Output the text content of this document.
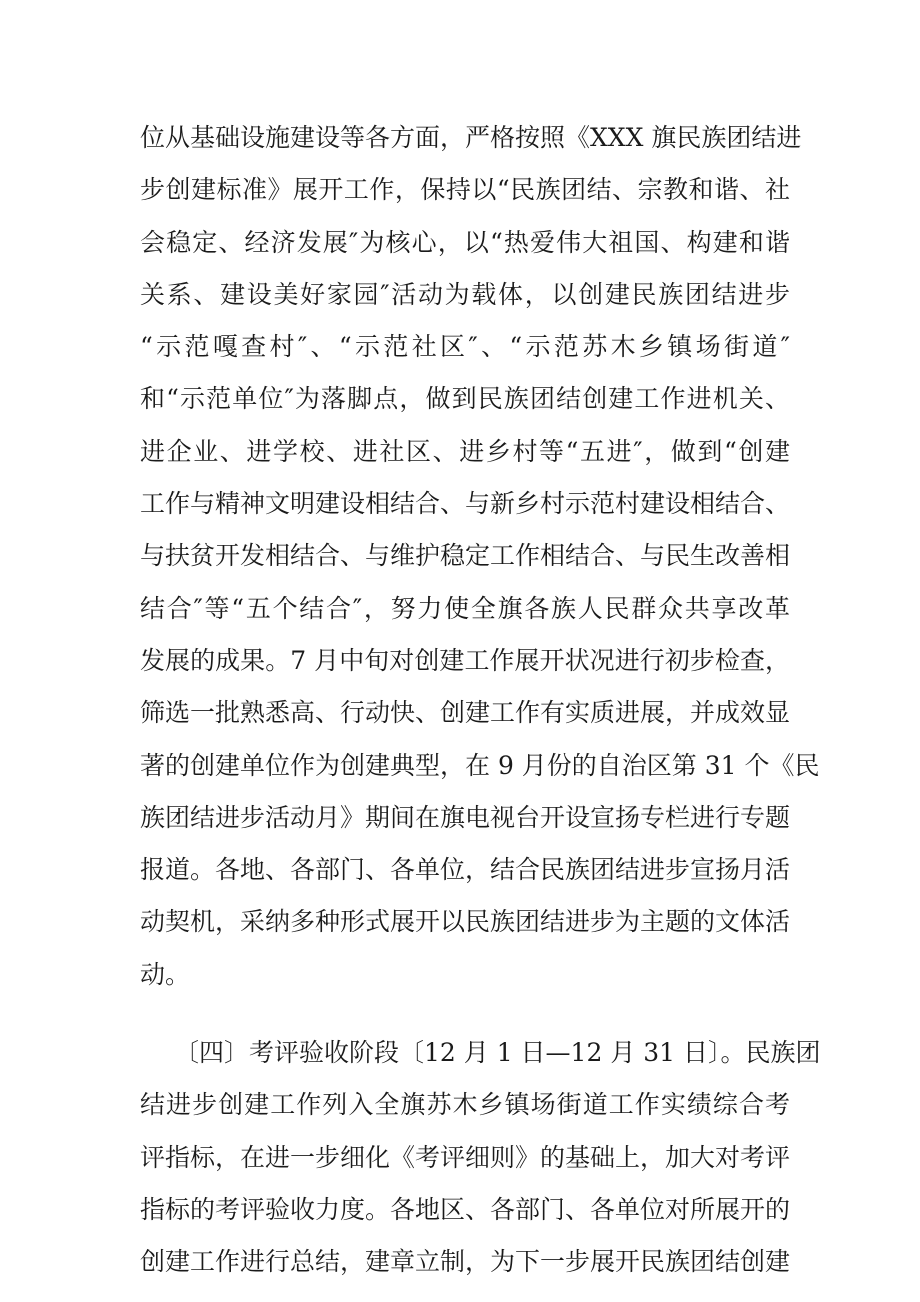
位从基础设施建设等各方面，严格按照《XXX 旗民族团结进
步创建标准》展开工作，保持以“民族团结、宗教和谐、社
会稳定、经济发展″为核心，以“热爱伟大祖国、构建和谐
关系、建设美好家园″活动为载体，以创建民族团结进步
“示范嘎查村″、“示范社区″、“示范苏木乡镇场街道″
和“示范单位″为落脚点，做到民族团结创建工作进机关、
进企业、进学校、进社区、进乡村等“五进″，做到“创建
工作与精神文明建设相结合、与新乡村示范村建设相结合、
与扶贫开发相结合、与维护稳定工作相结合、与民生改善相
结合″等“五个结合″，努力使全旗各族人民群众共享改革
发展的成果。7 月中旬对创建工作展开状况进行初步检查，
筛选一批熟悉高、行动快、创建工作有实质进展，并成效显
著的创建单位作为创建典型，在 9 月份的自治区第 31 个《民
族团结进步活动月》期间在旗电视台开设宣扬专栏进行专题
报道。各地、各部门、各单位，结合民族团结进步宣扬月活
动契机，采纳多种形式展开以民族团结进步为主题的文体活
动。
〔四〕考评验收阶段〔12 月 1 日—12 月 31 日〕。民族团
结进步创建工作列入全旗苏木乡镇场街道工作实绩综合考
评指标，在进一步细化《考评细则》的基础上，加大对考评
指标的考评验收力度。各地区、各部门、各单位对所展开的
创建工作进行总结，建章立制，为下一步展开民族团结创建
